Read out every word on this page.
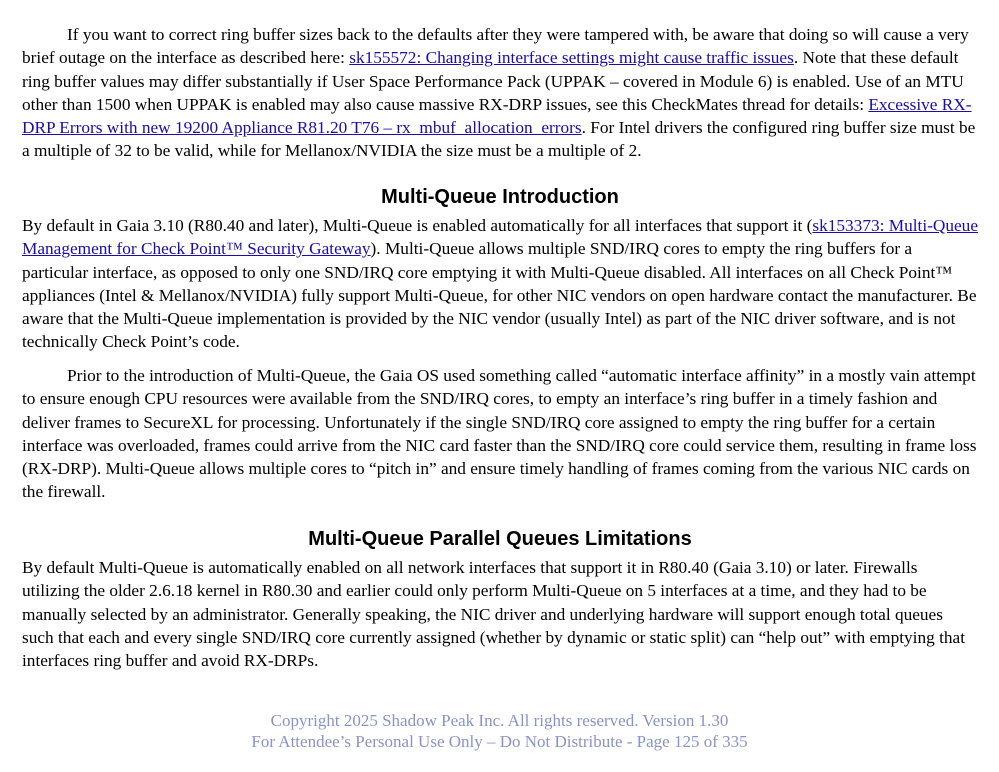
If you want to correct ring buffer sizes back to the defaults after they were tampered with, be aware that doing so will cause a very brief outage on the interface as described here: sk155572: Changing interface settings might cause traffic issues. Note that these default ring buffer values may differ substantially if User Space Performance Pack (UPPAK – covered in Module 6) is enabled. Use of an MTU other than 1500 when UPPAK is enabled may also cause massive RX-DRP issues, see this CheckMates thread for details: Excessive RX-DRP Errors with new 19200 Appliance R81.20 T76 – rx_mbuf_allocation_errors. For Intel drivers the configured ring buffer size must be a multiple of 32 to be valid, while for Mellanox/NVIDIA the size must be a multiple of 2.

Multi-Queue Introduction

By default in Gaia 3.10 (R80.40 and later), Multi-Queue is enabled automatically for all interfaces that support it (sk153373: Multi-Queue Management for Check Point™ Security Gateway). Multi-Queue allows multiple SND/IRQ cores to empty the ring buffers for a particular interface, as opposed to only one SND/IRQ core emptying it with Multi-Queue disabled. All interfaces on all Check Point™ appliances (Intel & Mellanox/NVIDIA) fully support Multi-Queue, for other NIC vendors on open hardware contact the manufacturer. Be aware that the Multi-Queue implementation is provided by the NIC vendor (usually Intel) as part of the NIC driver software, and is not technically Check Point’s code.

Prior to the introduction of Multi-Queue, the Gaia OS used something called “automatic interface affinity” in a mostly vain attempt to ensure enough CPU resources were available from the SND/IRQ cores, to empty an interface’s ring buffer in a timely fashion and deliver frames to SecureXL for processing. Unfortunately if the single SND/IRQ core assigned to empty the ring buffer for a certain interface was overloaded, frames could arrive from the NIC card faster than the SND/IRQ core could service them, resulting in frame loss (RX-DRP). Multi-Queue allows multiple cores to “pitch in” and ensure timely handling of frames coming from the various NIC cards on the firewall.

Multi-Queue Parallel Queues Limitations

By default Multi-Queue is automatically enabled on all network interfaces that support it in R80.40 (Gaia 3.10) or later. Firewalls utilizing the older 2.6.18 kernel in R80.30 and earlier could only perform Multi-Queue on 5 interfaces at a time, and they had to be manually selected by an administrator. Generally speaking, the NIC driver and underlying hardware will support enough total queues such that each and every single SND/IRQ core currently assigned (whether by dynamic or static split) can “help out” with emptying that interfaces ring buffer and avoid RX-DRPs.

Copyright 2025 Shadow Peak Inc. All rights reserved. Version 1.30
For Attendee’s Personal Use Only – Do Not Distribute - Page 125 of 335
